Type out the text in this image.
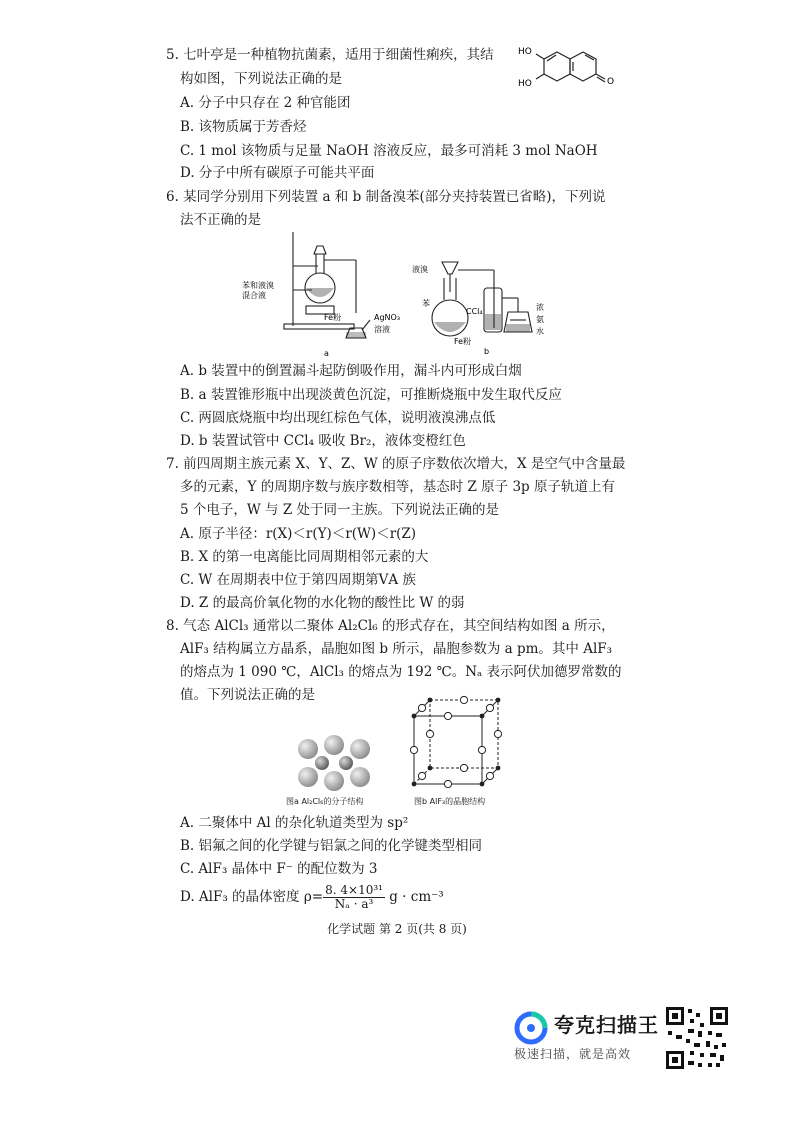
5. 七叶亭是一种植物抗菌素，适用于细菌性痢疾，其结
构如图，下列说法正确的是
A. 分子中只存在 2 种官能团
B. 该物质属于芳香烃
C. 1 mol 该物质与足量 NaOH 溶液反应，最多可消耗 3 mol NaOH
D. 分子中所有碳原子可能共平面
HO
HO	O
6. 某同学分别用下列装置 a 和 b 制备溴苯(部分夹持装置已省略)，下列说
法不正确的是
苯和液溴
混合液
Fe粉	AgNO₃
溶液
a
液溴
苯
CCl₄
Fe粉
浓
氨
水
b
A. b 装置中的倒置漏斗起防倒吸作用，漏斗内可形成白烟
B. a 装置锥形瓶中出现淡黄色沉淀，可推断烧瓶中发生取代反应
C. 两圆底烧瓶中均出现红棕色气体，说明液溴沸点低
D. b 装置试管中 CCl₄ 吸收 Br₂，液体变橙红色
7. 前四周期主族元素 X、Y、Z、W 的原子序数依次增大，X 是空气中含量最
多的元素，Y 的周期序数与族序数相等，基态时 Z 原子 3p 原子轨道上有
5 个电子，W 与 Z 处于同一主族。下列说法正确的是
A. 原子半径：r(X)＜r(Y)＜r(W)＜r(Z)
B. X 的第一电离能比同周期相邻元素的大
C. W 在周期表中位于第四周期第ⅤA 族
D. Z 的最高价氧化物的水化物的酸性比 W 的弱
8. 气态 AlCl₃ 通常以二聚体 Al₂Cl₆ 的形式存在，其空间结构如图 a 所示，
AlF₃ 结构属立方晶系，晶胞如图 b 所示，晶胞参数为 a pm。其中 AlF₃
的熔点为 1 090 ℃，AlCl₃ 的熔点为 192 ℃。Nₐ 表示阿伏加德罗常数的
值。下列说法正确的是
图a Al₂Cl₆的分子结构	图b AlF₃的晶胞结构
A. 二聚体中 Al 的杂化轨道类型为 sp²
B. 铝氟之间的化学键与铝氯之间的化学键类型相同
C. AlF₃ 晶体中 F⁻ 的配位数为 3
D. AlF₃ 的晶体密度 $\rho= \frac{\text{8. 4×10³¹}}{\text{Nₐ · a³}}$ g · cm⁻³
化学试题 第 2 页(共 8 页)
夸克扫描王
极速扫描，就是高效
